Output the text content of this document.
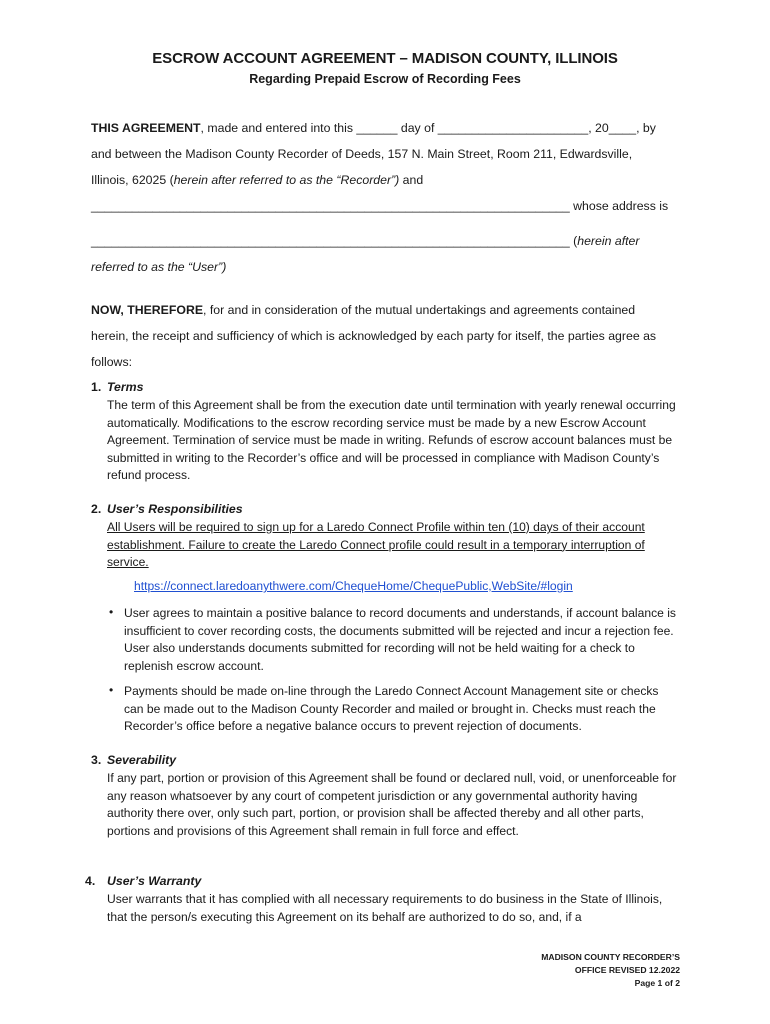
ESCROW ACCOUNT AGREEMENT – MADISON COUNTY, ILLINOIS
Regarding Prepaid Escrow of Recording Fees
THIS AGREEMENT, made and entered into this ______ day of ______________________, 20____, by
and between the Madison County Recorder of Deeds, 157 N. Main Street, Room 211, Edwardsville,
Illinois, 62025 (herein after referred to as the “Recorder”) and
______________________________________________________________________ whose address is
______________________________________________________________________ (herein after
referred to as the “User”)
NOW, THEREFORE, for and in consideration of the mutual undertakings and agreements contained
herein, the receipt and sufficiency of which is acknowledged by each party for itself, the parties agree as
follows:
1. Terms
The term of this Agreement shall be from the execution date until termination with yearly renewal occurring automatically. Modifications to the escrow recording service must be made by a new Escrow Account Agreement. Termination of service must be made in writing. Refunds of escrow account balances must be submitted in writing to the Recorder’s office and will be processed in compliance with Madison County’s refund process.
2. User’s Responsibilities
All Users will be required to sign up for a Laredo Connect Profile within ten (10) days of their account establishment. Failure to create the Laredo Connect profile could result in a temporary interruption of service.
https://connect.laredoanythwere.com/ChequeHome/ChequePublic,WebSite/#login
• User agrees to maintain a positive balance to record documents and understands, if account balance is insufficient to cover recording costs, the documents submitted will be rejected and incur a rejection fee. User also understands documents submitted for recording will not be held waiting for a check to replenish escrow account.
• Payments should be made on-line through the Laredo Connect Account Management site or checks can be made out to the Madison County Recorder and mailed or brought in. Checks must reach the Recorder’s office before a negative balance occurs to prevent rejection of documents.
3. Severability
If any part, portion or provision of this Agreement shall be found or declared null, void, or unenforceable for any reason whatsoever by any court of competent jurisdiction or any governmental authority having authority there over, only such part, portion, or provision shall be affected thereby and all other parts, portions and provisions of this Agreement shall remain in full force and effect.
4. User’s Warranty
User warrants that it has complied with all necessary requirements to do business in the State of Illinois, that the person/s executing this Agreement on its behalf are authorized to do so, and, if a
MADISON COUNTY RECORDER’S
OFFICE REVISED 12.2022
Page 1 of 2
